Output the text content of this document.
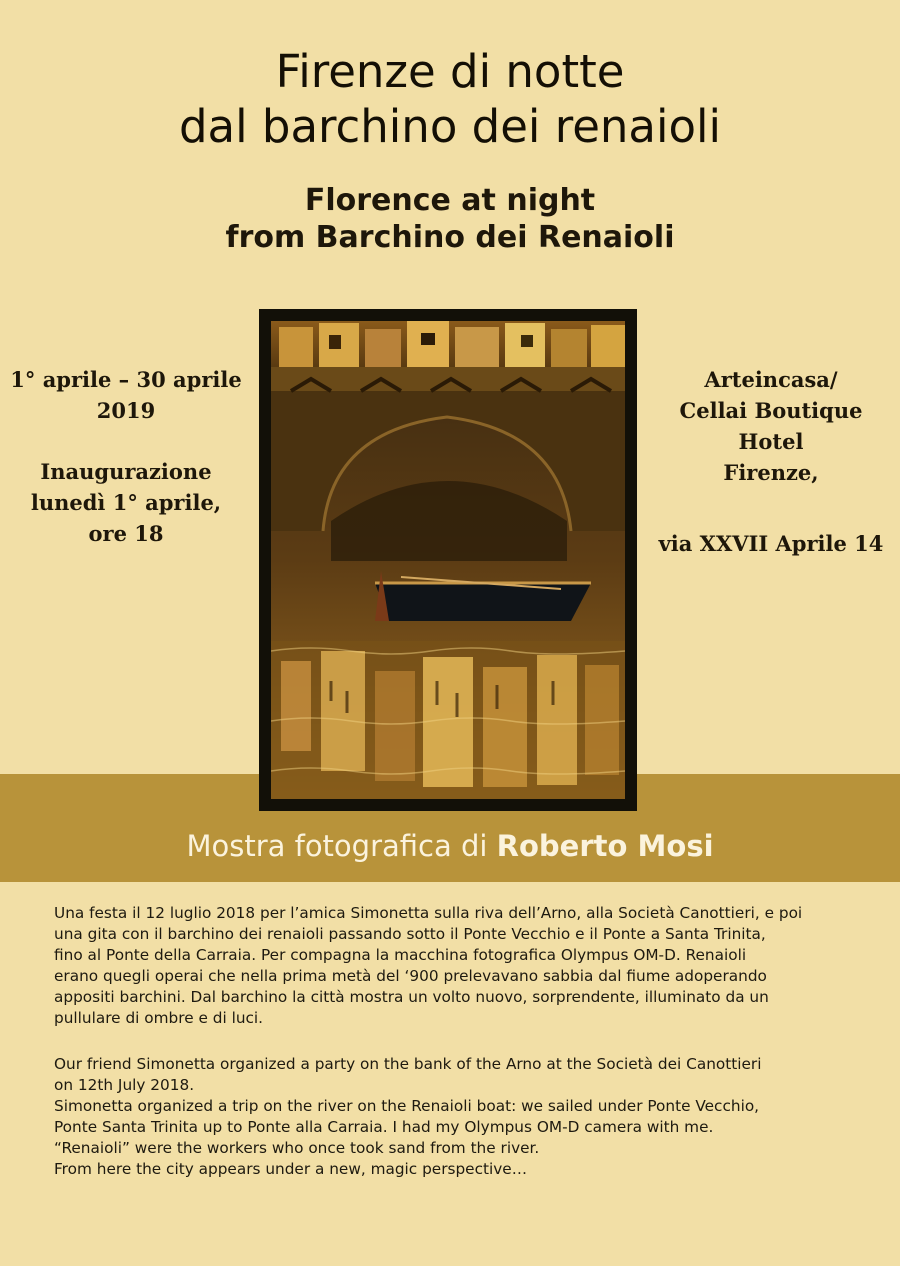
Firenze di notte
dal barchino dei renaioli
Florence at night
from Barchino dei Renaioli
1° aprile – 30 aprile
2019
Inaugurazione
lunedì 1° aprile,
ore 18
Arteincasa/
Cellai Boutique
Hotel
Firenze,
via XXVII Aprile 14
Mostra fotografica di Roberto Mosi
Una festa il 12 luglio 2018 per l’amica Simonetta sulla riva dell’Arno, alla Società Canottieri, e poi
una gita con il barchino dei renaioli passando sotto il Ponte Vecchio e il Ponte a Santa Trinita,
fino al Ponte della Carraia. Per compagna la macchina fotografica Olympus OM-D. Renaioli
erano quegli operai che nella prima metà del ‘900 prelevavano sabbia dal fiume adoperando
appositi barchini. Dal barchino la città mostra un volto nuovo, sorprendente, illuminato da un
pullulare di ombre e di luci.
Our friend Simonetta organized a party on the bank of the Arno at the Società dei Canottieri
on 12th July 2018.
Simonetta organized a trip on the river on the Renaioli boat: we sailed under Ponte Vecchio,
Ponte Santa Trinita up to Ponte alla Carraia. I had my Olympus OM-D camera with me.
“Renaioli” were the workers who once took sand from the river.
From here the city appears under a new, magic perspective…
